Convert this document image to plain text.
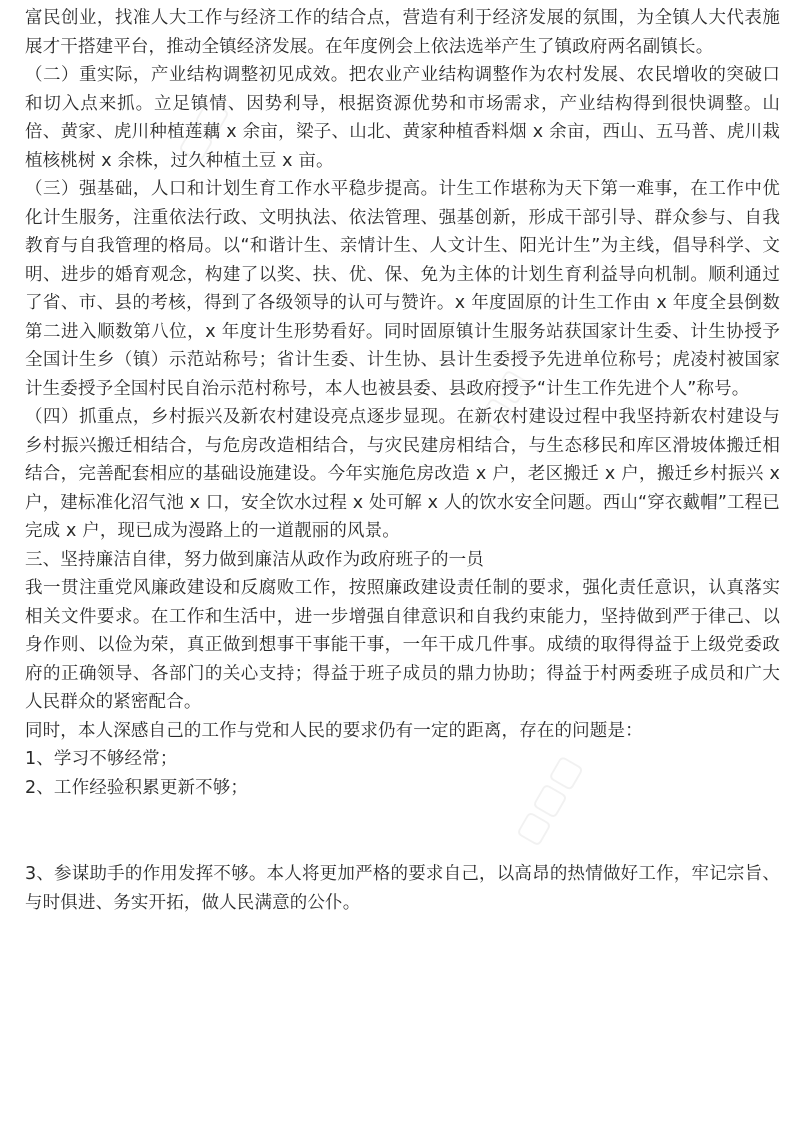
富民创业，找准人大工作与经济工作的结合点，营造有利于经济发展的氛围，为全镇人大代表施展才干搭建平台，推动全镇经济发展。在年度例会上依法选举产生了镇政府两名副镇长。

（二）重实际，产业结构调整初见成效。把农业产业结构调整作为农村发展、农民增收的突破口和切入点来抓。立足镇情、因势利导，根据资源优势和市场需求，产业结构得到很快调整。山倍、黄家、虎川种植莲藕 x 余亩，梁子、山北、黄家种植香料烟 x 余亩，西山、五马普、虎川栽植核桃树 x 余株，过久种植土豆 x 亩。

（三）强基础，人口和计划生育工作水平稳步提高。计生工作堪称为天下第一难事，在工作中优化计生服务，注重依法行政、文明执法、依法管理、强基创新，形成干部引导、群众参与、自我教育与自我管理的格局。以“和谐计生、亲情计生、人文计生、阳光计生”为主线，倡导科学、文明、进步的婚育观念，构建了以奖、扶、优、保、免为主体的计划生育利益导向机制。顺利通过了省、市、县的考核，得到了各级领导的认可与赞许。x 年度固原的计生工作由 x 年度全县倒数第二进入顺数第八位，x 年度计生形势看好。同时固原镇计生服务站获国家计生委、计生协授予全国计生乡（镇）示范站称号；省计生委、计生协、县计生委授予先进单位称号；虎凌村被国家计生委授予全国村民自治示范村称号，本人也被县委、县政府授予“计生工作先进个人”称号。

（四）抓重点，乡村振兴及新农村建设亮点逐步显现。在新农村建设过程中我坚持新农村建设与乡村振兴搬迁相结合，与危房改造相结合，与灾民建房相结合，与生态移民和库区滑坡体搬迁相结合，完善配套相应的基础设施建设。今年实施危房改造 x 户，老区搬迁 x 户，搬迁乡村振兴 x 户，建标准化沼气池 x 口，安全饮水过程 x 处可解 x 人的饮水安全问题。西山“穿衣戴帽”工程已完成 x 户，现已成为漫路上的一道靓丽的风景。

三、坚持廉洁自律，努力做到廉洁从政作为政府班子的一员

我一贯注重党风廉政建设和反腐败工作，按照廉政建设责任制的要求，强化责任意识，认真落实相关文件要求。在工作和生活中，进一步增强自律意识和自我约束能力，坚持做到严于律己、以身作则、以俭为荣，真正做到想事干事能干事，一年干成几件事。成绩的取得得益于上级党委政府的正确领导、各部门的关心支持；得益于班子成员的鼎力协助；得益于村两委班子成员和广大人民群众的紧密配合。

同时，本人深感自己的工作与党和人民的要求仍有一定的距离，存在的问题是：

1、学习不够经常；

2、工作经验积累更新不够；

3、参谋助手的作用发挥不够。本人将更加严格的要求自己，以高昂的热情做好工作，牢记宗旨、与时俱进、务实开拓，做人民满意的公仆。

▢▢
▢▢
▢▢▢
